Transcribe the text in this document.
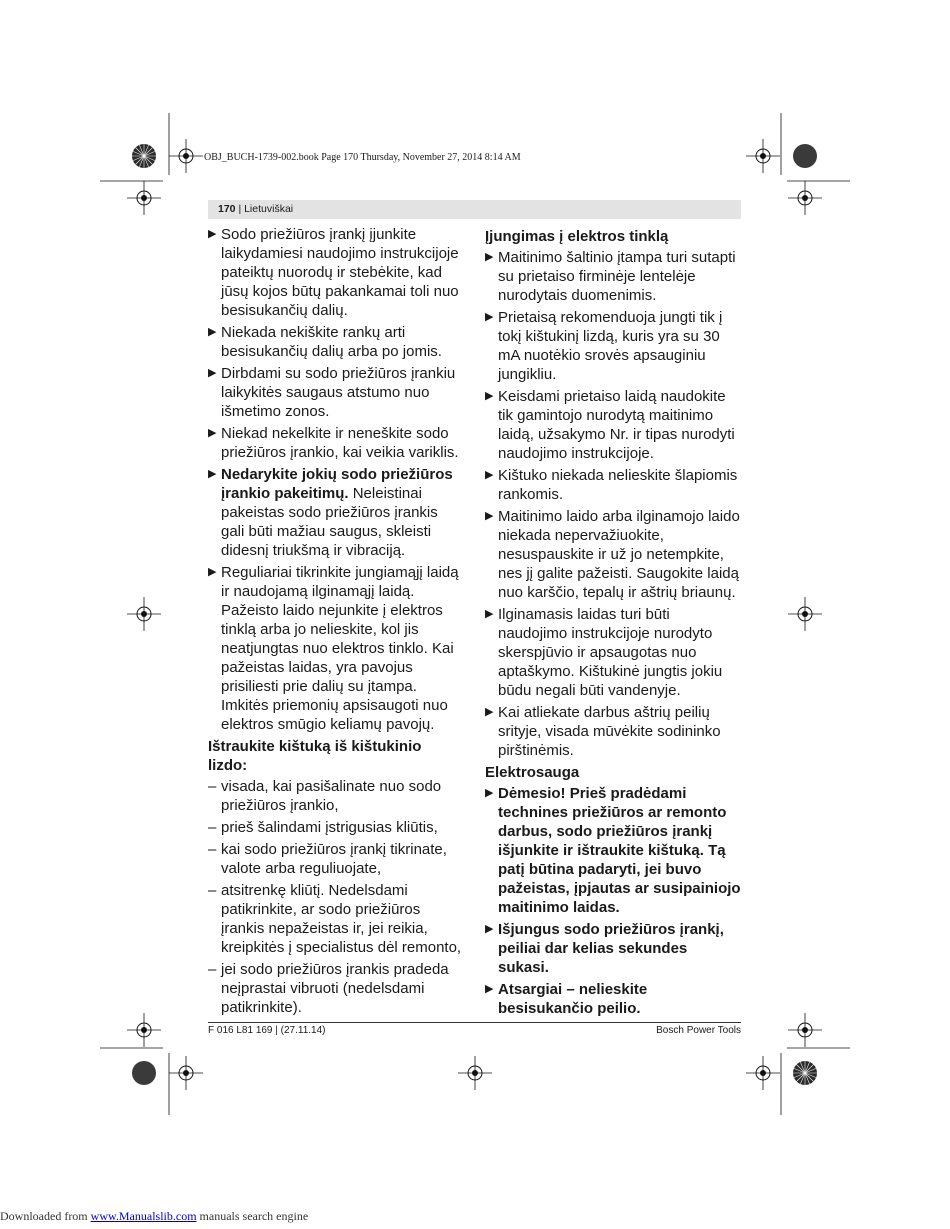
OBJ_BUCH-1739-002.book Page 170 Thursday, November 27, 2014 8:14 AM
170 | Lietuviškai
▶ Sodo priežiūros įrankį įjunkite laikydamiesi naudojimo instrukcijoje pateiktų nuorodų ir stebėkite, kad jūsų kojos būtų pakankamai toli nuo besisukančių dalių.
▶ Niekada nekiškite rankų arti besisukančių dalių arba po jomis.
▶ Dirbdami su sodo priežiūros įrankiu laikykitės saugaus atstumo nuo išmetimo zonos.
▶ Niekad nekelkite ir neneškite sodo priežiūros įrankio, kai veikia variklis.
▶ Nedarykite jokių sodo priežiūros įrankio pakeitimų. Neleistinai pakeistas sodo priežiūros įrankis gali būti mažiau saugus, skleisti didesnį triukšmą ir vibraciją.
▶ Reguliariai tikrinkite jungiamąjį laidą ir naudojamą ilginamąjį laidą. Pažeisto laido nejunkite į elektros tinklą arba jo nelieskite, kol jis neatjungtas nuo elektros tinklo. Kai pažeistas laidas, yra pavojus prisiliesti prie dalių su įtampa. Imkitės priemonių apsisaugoti nuo elektros smūgio keliamų pavojų.
Ištraukite kištuką iš kištukinio lizdo:
– visada, kai pasišalinate nuo sodo priežiūros įrankio,
– prieš šalindami įstrigusias kliūtis,
– kai sodo priežiūros įrankį tikrinate, valote arba reguliuojate,
– atsitrenkę kliūtį. Nedelsdami patikrinkite, ar sodo priežiūros įrankis nepažeistas ir, jei reikia, kreipkitės į specialistus dėl remonto,
– jei sodo priežiūros įrankis pradeda neįprastai vibruoti (nedelsdami patikrinkite).
Įjungimas į elektros tinklą
▶ Maitinimo šaltinio įtampa turi sutapti su prietaiso firminėje lentelėje nurodytais duomenimis.
▶ Prietaisą rekomenduoja jungti tik į tokį kištukinį lizdą, kuris yra su 30 mA nuotėkio srovės apsauginiu jungikliu.
▶ Keisdami prietaiso laidą naudokite tik gamintojo nurodytą maitinimo laidą, užsakymo Nr. ir tipas nurodyti naudojimo instrukcijoje.
▶ Kištuko niekada nelieskite šlapiomis rankomis.
▶ Maitinimo laido arba ilginamojo laido niekada nepervažiuokite, nesuspauskite ir už jo netempkite, nes jį galite pažeisti. Saugokite laidą nuo karščio, tepalų ir aštrių briaunų.
▶ Ilginamasis laidas turi būti naudojimo instrukcijoje nurodyto skerspjūvio ir apsaugotas nuo aptaškymo. Kištukinė jungtis jokiu būdu negali būti vandenyje.
▶ Kai atliekate darbus aštrių peilių srityje, visada mūvėkite sodininko pirštinėmis.
Elektrosauga
▶ Dėmesio! Prieš pradėdami technines priežiūros ar remonto darbus, sodo priežiūros įrankį išjunkite ir ištraukite kištuką. Tą patį būtina padaryti, jei buvo pažeistas, įpjautas ar susipainiojo maitinimo laidas.
▶ Išjungus sodo priežiūros įrankį, peiliai dar kelias sekundes sukasi.
▶ Atsargiai – nelieskite besisukančio peilio.
F 016 L81 169 | (27.11.14)	Bosch Power Tools
Downloaded from www.Manualslib.com manuals search engine
